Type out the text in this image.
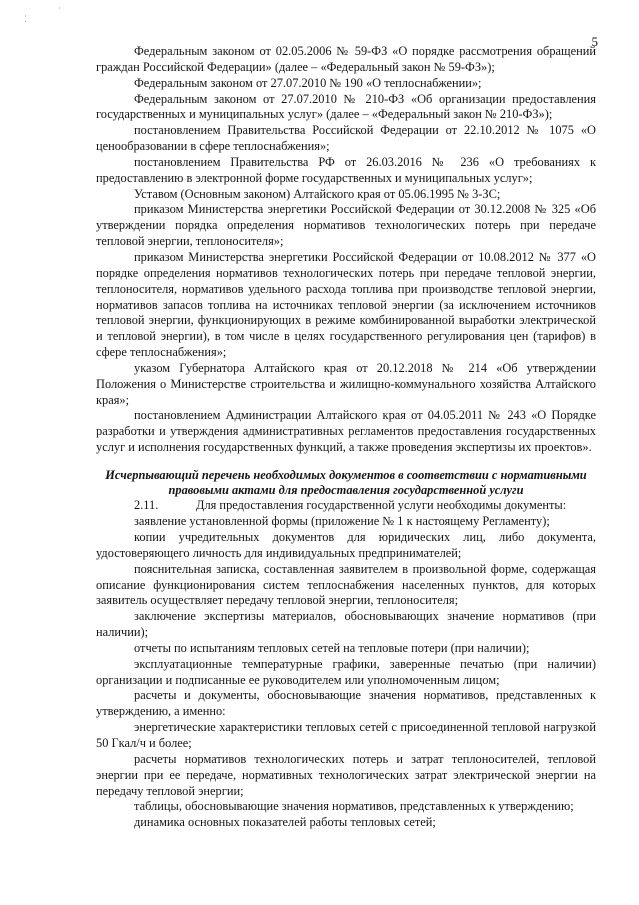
5
⁚
˙

Федеральным законом от 02.05.2006 № 59-ФЗ «О порядке рассмотрения обращений граждан Российской Федерации» (далее – «Федеральный закон № 59-ФЗ»);

Федеральным законом от 27.07.2010 № 190 «О теплоснабжении»;

Федеральным законом от 27.07.2010 № 210-ФЗ «Об организации предоставления государственных и муниципальных услуг» (далее – «Федеральный закон № 210-ФЗ»);

постановлением Правительства Российской Федерации от 22.10.2012 № 1075 «О ценообразовании в сфере теплоснабжения»;

постановлением Правительства РФ от 26.03.2016 № 236 «О требованиях к предоставлению в электронной форме государственных и муниципальных услуг»;

Уставом (Основным законом) Алтайского края от 05.06.1995 № 3-ЗС;

приказом Министерства энергетики Российской Федерации от 30.12.2008 № 325 «Об утверждении порядка определения нормативов технологических потерь при передаче тепловой энергии, теплоносителя»;

приказом Министерства энергетики Российской Федерации от 10.08.2012 № 377 «О порядке определения нормативов технологических потерь при передаче тепловой энергии, теплоносителя, нормативов удельного расхода топлива при производстве тепловой энергии, нормативов запасов топлива на источниках тепловой энергии (за исключением источников тепловой энергии, функционирующих в режиме комбинированной выработки электрической и тепловой энергии), в том числе в целях государственного регулирования цен (тарифов) в сфере теплоснабжения»;

указом Губернатора Алтайского края от 20.12.2018 № 214 «Об утверждении Положения о Министерстве строительства и жилищно-коммунального хозяйства Алтайского края»;

постановлением Администрации Алтайского края от 04.05.2011 № 243 «О Порядке разработки и утверждения административных регламентов предоставления государственных услуг и исполнения государственных функций, а также проведения экспертизы их проектов».

Исчерпывающий перечень необходимых документов в соответствии с нормативными правовыми актами для предоставления государственной услуги

2.11.	Для предоставления государственной услуги необходимы документы:

заявление установленной формы (приложение № 1 к настоящему Регламенту);

копии учредительных документов для юридических лиц, либо документа, удостоверяющего личность для индивидуальных предпринимателей;

пояснительная записка, составленная заявителем в произвольной форме, содержащая описание функционирования систем теплоснабжения населенных пунктов, для которых заявитель осуществляет передачу тепловой энергии, теплоносителя;

заключение экспертизы материалов, обосновывающих значение нормативов (при наличии);

отчеты по испытаниям тепловых сетей на тепловые потери (при наличии);

эксплуатационные температурные графики, заверенные печатью (при наличии) организации и подписанные ее руководителем или уполномоченным лицом;

расчеты и документы, обосновывающие значения нормативов, представленных к утверждению, а именно:

энергетические характеристики тепловых сетей с присоединенной тепловой нагрузкой 50 Гкал/ч и более;

расчеты нормативов технологических потерь и затрат теплоносителей, тепловой энергии при ее передаче, нормативных технологических затрат электрической энергии на передачу тепловой энергии;

таблицы, обосновывающие значения нормативов, представленных к утверждению;

динамика основных показателей работы тепловых сетей;
